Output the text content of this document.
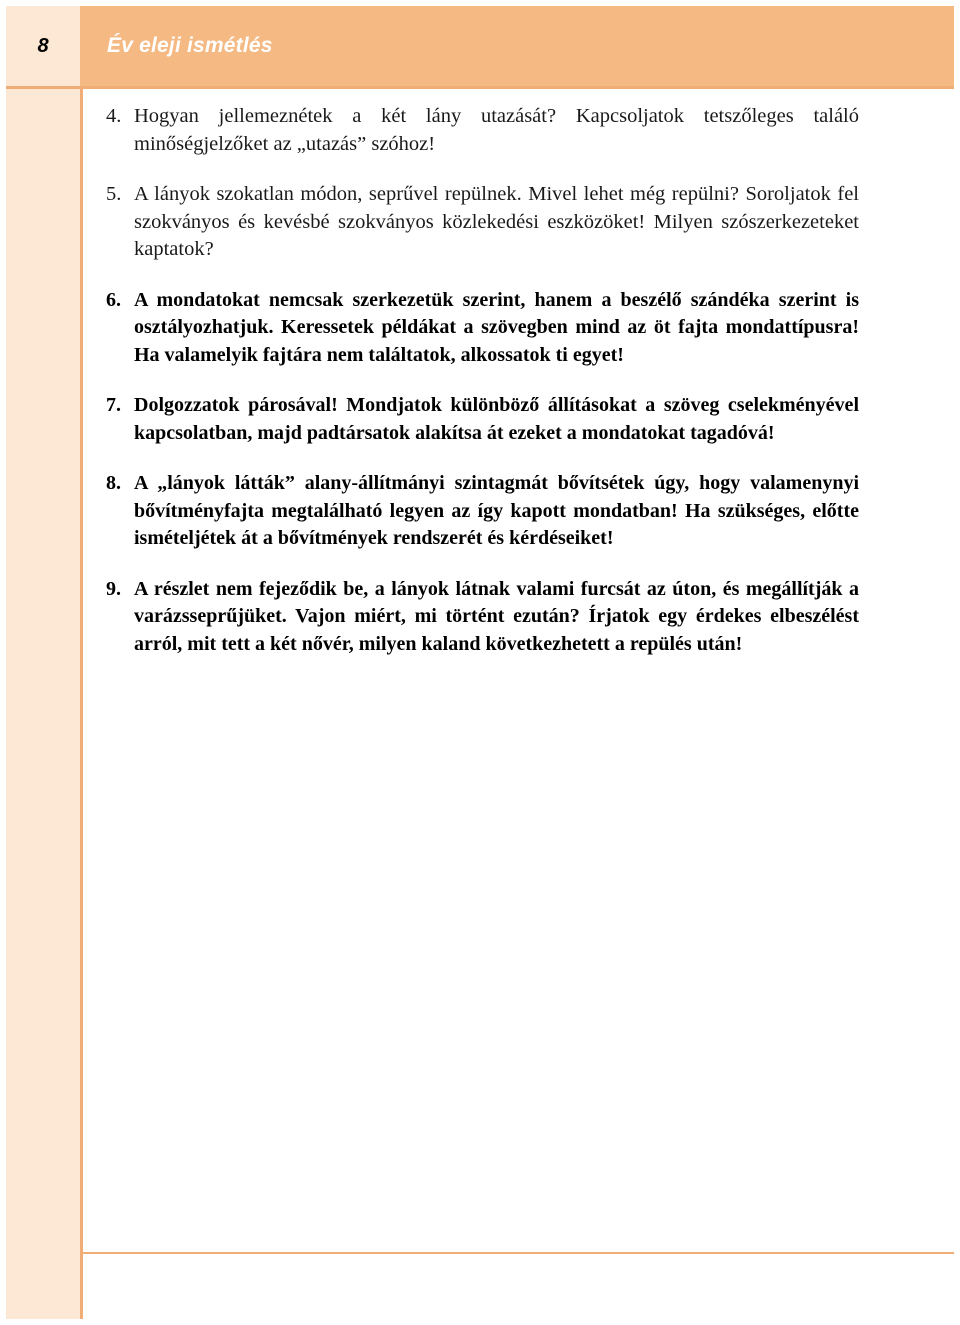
8	Év eleji ismétlés
4. Hogyan jellemeznétek a két lány utazását? Kapcsoljatok tetszőleges találó minőségjelzőket az „utazás” szóhoz!
5. A lányok szokatlan módon, seprűvel repülnek. Mivel lehet még repülni? Soroljatok fel szokványos és kevésbé szokványos közlekedési eszközöket! Milyen szószerkezeteket kaptatok?
6. A mondatokat nemcsak szerkezetük szerint, hanem a beszélő szándéka szerint is osztályozhatjuk. Keressetek példákat a szövegben mind az öt fajta mondattípusra! Ha valamelyik fajtára nem találtatok, alkossatok ti egyet!
7. Dolgozzatok párosával! Mondjatok különböző állításokat a szöveg cselekményével kapcsolatban, majd padtársatok alakítsa át ezeket a mondatokat tagadóvá!
8. A „lányok látták” alany-állítmányi szintagmát bővítsétek úgy, hogy valamenynyi bővítményfajta megtalálható legyen az így kapott mondatban! Ha szükséges, előtte ismételjétek át a bővítmények rendszerét és kérdéseiket!
9. A részlet nem fejeződik be, a lányok látnak valami furcsát az úton, és megállítják a varázsseprűjüket. Vajon miért, mi történt ezután? Írjatok egy érdekes elbeszélést arról, mit tett a két nővér, milyen kaland következhetett a repülés után!
